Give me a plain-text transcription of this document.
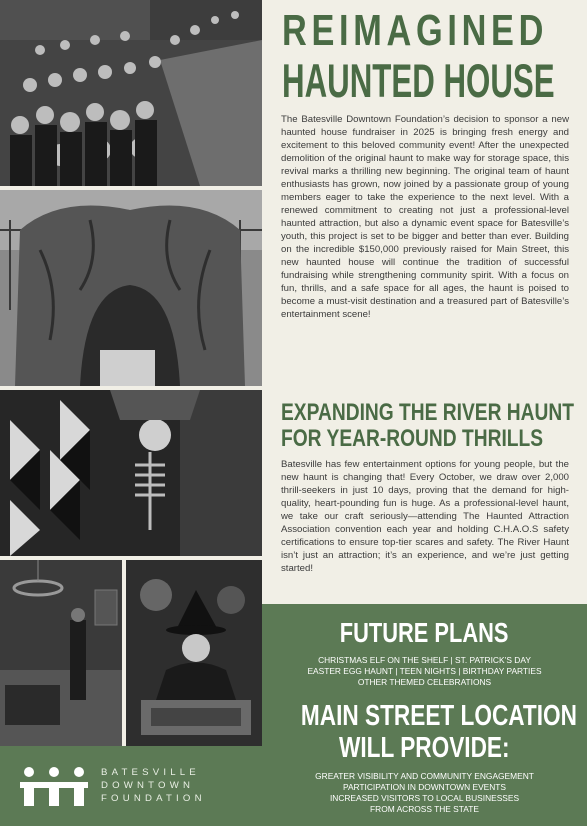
REIMAGINED
HAUNTED HOUSE
The Batesville Downtown Foundation’s decision to sponsor a new haunted house fundraiser in 2025 is bringing fresh energy and excitement to this beloved community event! After the unexpected demolition of the original haunt to make way for storage space, this revival marks a thrilling new beginning. The original team of haunt enthusiasts has grown, now joined by a passionate group of young members eager to take the experience to the next level. With a renewed commitment to creating not just a professional-level haunted attraction, but also a dynamic event space for Batesville’s youth, this project is set to be bigger and better than ever. Building on the incredible $150,000 previously raised for Main Street, this new haunted house will continue the tradition of successful fundraising while strengthening community spirit. With a focus on fun, thrills, and a safe space for all ages, the haunt is poised to become a must-visit destination and a treasured part of Batesville’s entertainment scene!
EXPANDING THE RIVER HAUNT
FOR YEAR-ROUND THRILLS
Batesville has few entertainment options for young people, but the new haunt is changing that! Every October, we draw over 2,000 thrill-seekers in just 10 days, proving that the demand for high-quality, heart-pounding fun is huge. As a professional-level haunt, we take our craft seriously—attending The Haunted Attraction Association convention each year and holding C.H.A.O.S safety certifications to ensure top-tier scares and safety. The River Haunt isn’t just an attraction; it’s an experience, and we’re just getting started!
FUTURE PLANS
CHRISTMAS ELF ON THE SHELF | ST. PATRICK’S DAY
EASTER EGG HAUNT | TEEN NIGHTS | BIRTHDAY PARTIES
OTHER THEMED CELEBRATIONS
MAIN STREET LOCATION
WILL PROVIDE:
GREATER VISIBILITY AND COMMUNITY ENGAGEMENT
PARTICIPATION IN DOWNTOWN EVENTS
INCREASED VISITORS TO LOCAL BUSINESSES
FROM ACROSS THE STATE
BATESVILLE
DOWNTOWN
FOUNDATION
